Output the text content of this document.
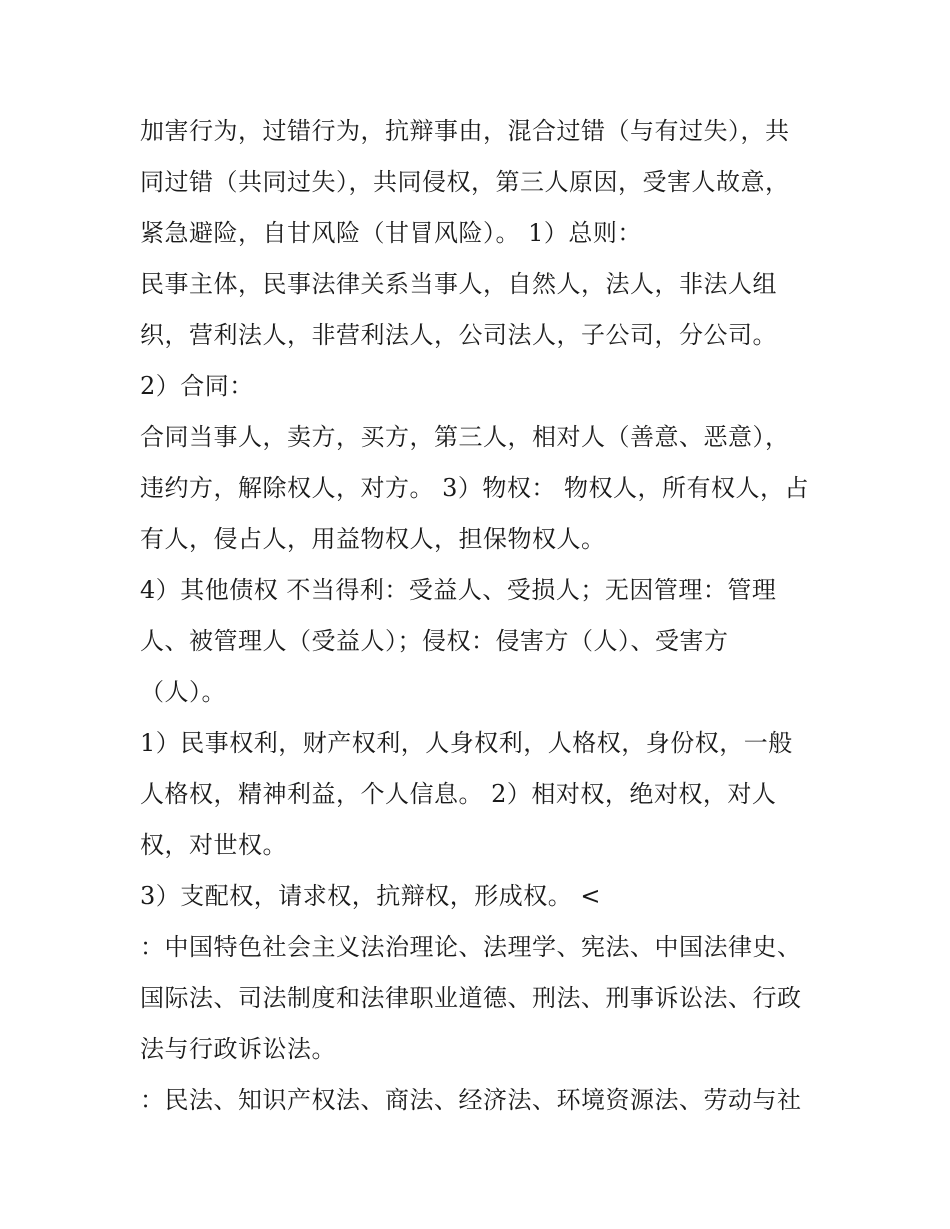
加害行为，过错行为，抗辩事由，混合过错（与有过失），共
同过错（共同过失），共同侵权，第三人原因，受害人故意，
紧急避险，自甘风险（甘冒风险）。 1）总则：
民事主体，民事法律关系当事人，自然人，法人，非法人组
织，营利法人，非营利法人，公司法人，子公司，分公司。
2）合同：
合同当事人，卖方，买方，第三人，相对人（善意、恶意），
违约方，解除权人，对方。 3）物权： 物权人，所有权人，占
有人，侵占人，用益物权人，担保物权人。
4）其他债权 不当得利：受益人、受损人；无因管理：管理
人、被管理人（受益人）；侵权：侵害方（人）、受害方
（人）。
1）民事权利，财产权利，人身权利，人格权，身份权，一般
人格权，精神利益，个人信息。 2）相对权，绝对权，对人
权，对世权。
3）支配权，请求权，抗辩权，形成权。 <
：中国特色社会主义法治理论、法理学、宪法、中国法律史、
国际法、司法制度和法律职业道德、刑法、刑事诉讼法、行政
法与行政诉讼法。
：民法、知识产权法、商法、经济法、环境资源法、劳动与社
